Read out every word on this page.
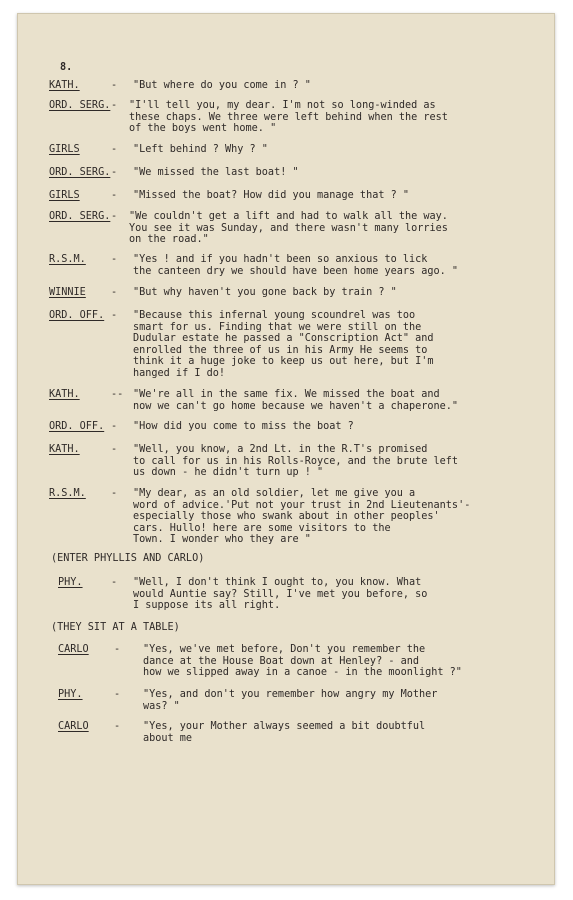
8.
KATH.	- "But where do you come in ? "
ORD. SERG. - "I'll tell you, my dear. I'm not so long-winded as
these chaps. We three were left behind when the rest
of the boys went home. "
GIRLS	- "Left behind ? Why ? "
ORD. SERG. - "We missed the last boat! "
GIRLS	- "Missed the boat? How did you manage that ? "
ORD. SERG. - "We couldn't get a lift and had to walk all the way.
You see it was Sunday, and there wasn't many lorries
on the road."
R.S.M. - "Yes ! and if you hadn't been so anxious to lick
the canteen dry we should have been home years ago. "
WINNIE - "But why haven't you gone back by train ? "
ORD. OFF. - "Because this infernal young scoundrel was too
smart for us. Finding that we were still on the
Dudular estate he passed a "Conscription Act" and
enrolled the three of us in his Army He seems to
think it a huge joke to keep us out here, but I'm
hanged if I do!
KATH.	-- "We're all in the same fix. We missed the boat and
now we can't go home because we haven't a chaperone."
ORD. OFF. - "How did you come to miss the boat ?
KATH.	- "Well, you know, a 2nd Lt. in the R.T's promised
to call for us in his Rolls-Royce, and the brute left
us down - he didn't turn up ! "
R.S.M. - "My dear, as an old soldier, let me give you a
word of advice.'Put not your trust in 2nd Lieutenants'-
especially those who swank about in other peoples'
cars. Hullo! here are some visitors to the
Town. I wonder who they are "
(ENTER PHYLLIS AND CARLO)
PHY.	- "Well, I don't think I ought to, you know. What
would Auntie say? Still, I've met you before, so
I suppose its all right.
(THEY SIT AT A TABLE)
CARLO - "Yes, we've met before, Don't you remember the
dance at the House Boat down at Henley? - and
how we slipped away in a canoe - in the moonlight ?"
PHY.	- "Yes, and don't you remember how angry my Mother
was? "
CARLO - "Yes, your Mother always seemed a bit doubtful
about me
